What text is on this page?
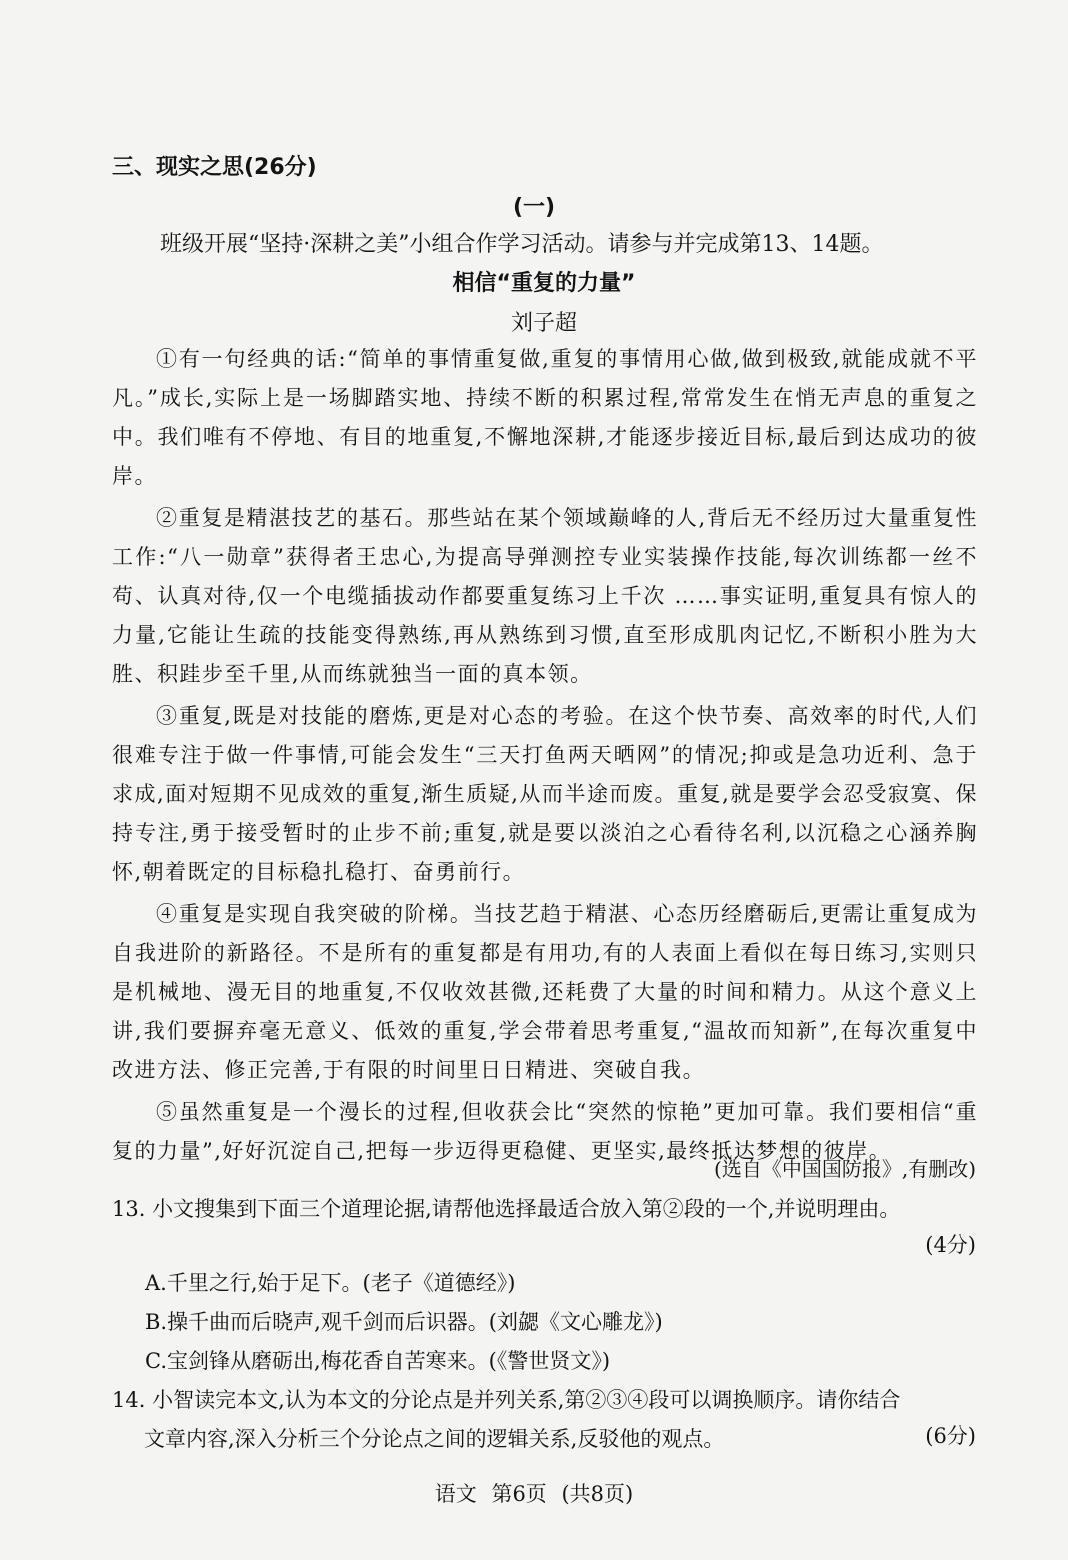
三、现实之思(26分)
(一)
班级开展“坚持·深耕之美”小组合作学习活动。请参与并完成第13、14题。
相信“重复的力量”
刘子超

①有一句经典的话:“简单的事情重复做,重复的事情用心做,做到极致,就能成就不平凡。”成长,实际上是一场脚踏实地、持续不断的积累过程,常常发生在悄无声息的重复之中。我们唯有不停地、有目的地重复,不懈地深耕,才能逐步接近目标,最后到达成功的彼岸。

②重复是精湛技艺的基石。那些站在某个领域巅峰的人,背后无不经历过大量重复性工作:“八一勋章”获得者王忠心,为提高导弹测控专业实装操作技能,每次训练都一丝不苟、认真对待,仅一个电缆插拔动作都要重复练习上千次 ……事实证明,重复具有惊人的力量,它能让生疏的技能变得熟练,再从熟练到习惯,直至形成肌肉记忆,不断积小胜为大胜、积跬步至千里,从而练就独当一面的真本领。

③重复,既是对技能的磨炼,更是对心态的考验。在这个快节奏、高效率的时代,人们很难专注于做一件事情,可能会发生“三天打鱼两天晒网”的情况;抑或是急功近利、急于求成,面对短期不见成效的重复,渐生质疑,从而半途而废。重复,就是要学会忍受寂寞、保持专注,勇于接受暂时的止步不前;重复,就是要以淡泊之心看待名利,以沉稳之心涵养胸怀,朝着既定的目标稳扎稳打、奋勇前行。

④重复是实现自我突破的阶梯。当技艺趋于精湛、心态历经磨砺后,更需让重复成为自我进阶的新路径。不是所有的重复都是有用功,有的人表面上看似在每日练习,实则只是机械地、漫无目的地重复,不仅收效甚微,还耗费了大量的时间和精力。从这个意义上讲,我们要摒弃毫无意义、低效的重复,学会带着思考重复,“温故而知新”,在每次重复中改进方法、修正完善,于有限的时间里日日精进、突破自我。

⑤虽然重复是一个漫长的过程,但收获会比“突然的惊艳”更加可靠。我们要相信“重复的力量”,好好沉淀自己,把每一步迈得更稳健、更坚实,最终抵达梦想的彼岸。

(选自《中国国防报》,有删改)
13. 小文搜集到下面三个道理论据,请帮他选择最适合放入第②段的一个,并说明理由。
(4分)
A.千里之行,始于足下。(老子《道德经》)
B.操千曲而后晓声,观千剑而后识器。(刘勰《文心雕龙》)
C.宝剑锋从磨砺出,梅花香自苦寒来。(《警世贤文》)
14. 小智读完本文,认为本文的分论点是并列关系,第②③④段可以调换顺序。请你结合
文章内容,深入分析三个分论点之间的逻辑关系,反驳他的观点。	(6分)
语文 第6页 (共8页)
